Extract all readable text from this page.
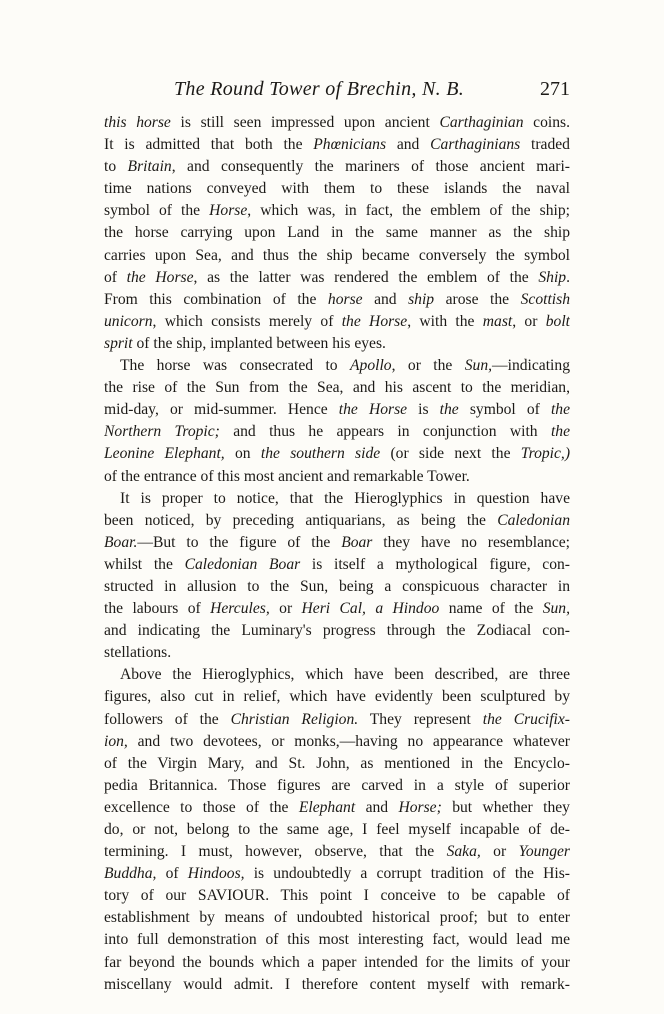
The Round Tower of Brechin, N. B.	271
this horse is still seen impressed upon ancient Carthaginian coins.
It is admitted that both the Phœnicians and Carthaginians traded
to Britain, and consequently the mariners of those ancient mari-
time nations conveyed with them to these islands the naval
symbol of the Horse, which was, in fact, the emblem of the ship;
the horse carrying upon Land in the same manner as the ship
carries upon Sea, and thus the ship became conversely the symbol
of the Horse, as the latter was rendered the emblem of the Ship.
From this combination of the horse and ship arose the Scottish
unicorn, which consists merely of the Horse, with the mast, or bolt
sprit of the ship, implanted between his eyes.
The horse was consecrated to Apollo, or the Sun,—indicating
the rise of the Sun from the Sea, and his ascent to the meridian,
mid-day, or mid-summer. Hence the Horse is the symbol of the
Northern Tropic; and thus he appears in conjunction with the
Leonine Elephant, on the southern side (or side next the Tropic,)
of the entrance of this most ancient and remarkable Tower.
It is proper to notice, that the Hieroglyphics in question have
been noticed, by preceding antiquarians, as being the Caledonian
Boar.—But to the figure of the Boar they have no resemblance;
whilst the Caledonian Boar is itself a mythological figure, con-
structed in allusion to the Sun, being a conspicuous character in
the labours of Hercules, or Heri Cal, a Hindoo name of the Sun,
and indicating the Luminary's progress through the Zodiacal con-
stellations.
Above the Hieroglyphics, which have been described, are three
figures, also cut in relief, which have evidently been sculptured by
followers of the Christian Religion. They represent the Crucifix-
ion, and two devotees, or monks,—having no appearance whatever
of the Virgin Mary, and St. John, as mentioned in the Encyclo-
pedia Britannica. Those figures are carved in a style of superior
excellence to those of the Elephant and Horse; but whether they
do, or not, belong to the same age, I feel myself incapable of de-
termining. I must, however, observe, that the Saka, or Younger
Buddha, of Hindoos, is undoubtedly a corrupt tradition of the His-
tory of our SAVIOUR. This point I conceive to be capable of
establishment by means of undoubted historical proof; but to enter
into full demonstration of this most interesting fact, would lead me
far beyond the bounds which a paper intended for the limits of your
miscellany would admit. I therefore content myself with remark-
